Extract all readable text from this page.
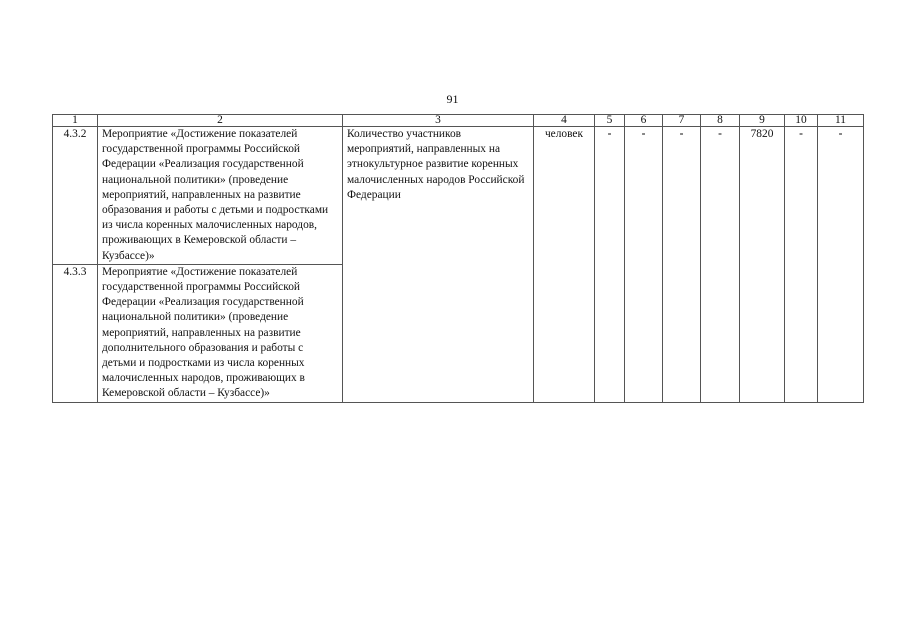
91
1	2	3	4	5	6	7	8	9	10	11
4.3.2	Мероприятие «Достижение показателей государственной программы Российской Федерации «Реализация государственной национальной политики» (проведение мероприятий, направленных на развитие образования и работы с детьми и подростками из числа коренных малочисленных народов, проживающих в Кемеровской области – Кузбассе)»	Количество участников мероприятий, направленных на этнокультурное развитие коренных малочисленных народов Российской Федерации	человек	-	-	-	-	7820	-	-
4.3.3	Мероприятие «Достижение показателей государственной программы Российской Федерации «Реализация государственной национальной политики» (проведение мероприятий, направленных на развитие дополнительного образования и работы с детьми и подростками из числа коренных малочисленных народов, проживающих в Кемеровской области – Кузбассе)»									
